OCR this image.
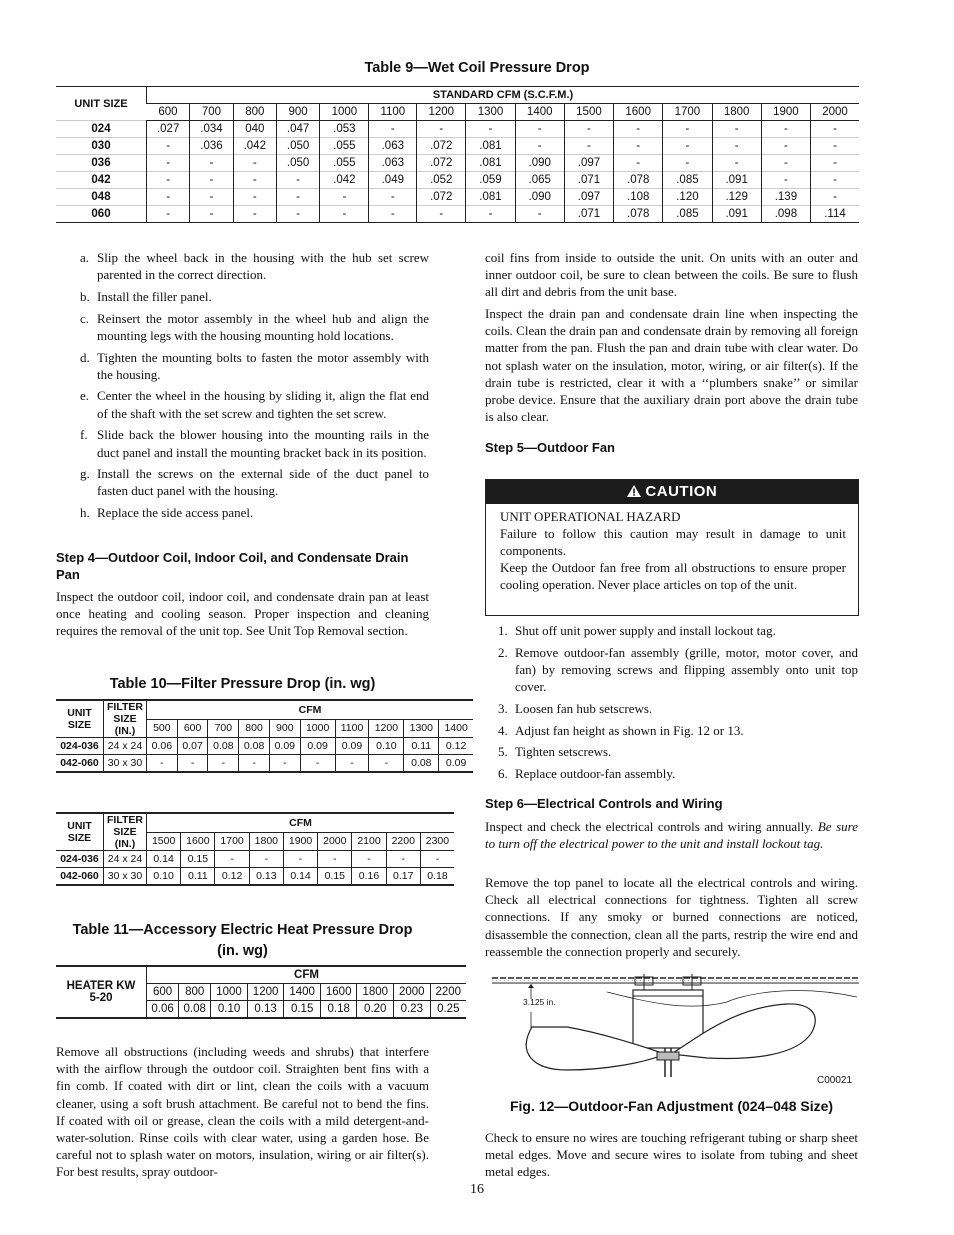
Table 9—Wet Coil Pressure Drop
UNIT SIZE	STANDARD CFM (S.C.F.M.)														
	600	700	800	900	1000	1100	1200	1300	1400	1500	1600	1700	1800	1900	2000
024	.027	.034	040	.047	.053	-	-	-	-	-	-	-	-	-	-
030	-	.036	.042	.050	.055	.063	.072	.081	-	-	-	-	-	-	-
036	-	-	-	.050	.055	.063	.072	.081	.090	.097	-	-	-	-	-
042	-	-	-	-	.042	.049	.052	.059	.065	.071	.078	.085	.091	-	-
048	-	-	-	-	-	-	.072	.081	.090	.097	.108	.120	.129	.139	-
060	-	-	-	-	-	-	-	-	-	.071	.078	.085	.091	.098	.114
a. Slip the wheel back in the housing with the hub set screw parented in the correct direction.
b. Install the filler panel.
c. Reinsert the motor assembly in the wheel hub and align the mounting legs with the housing mounting hold locations.
d. Tighten the mounting bolts to fasten the motor assembly with the housing.
e. Center the wheel in the housing by sliding it, align the flat end of the shaft with the set screw and tighten the set screw.
f. Slide back the blower housing into the mounting rails in the duct panel and install the mounting bracket back in its position.
g. Install the screws on the external side of the duct panel to fasten duct panel with the housing.
h. Replace the side access panel.
Step 4—Outdoor Coil, Indoor Coil, and Condensate Drain Pan
Inspect the outdoor coil, indoor coil, and condensate drain pan at least once heating and cooling season. Proper inspection and cleaning requires the removal of the unit top. See Unit Top Removal section.
Table 10—Filter Pressure Drop (in. wg)
UNIT SIZE	FILTER SIZE (IN.)	CFM									
		500	600	700	800	900	1000	1100	1200	1300	1400
024-036	24 x 24	0.06	0.07	0.08	0.08	0.09	0.09	0.09	0.10	0.11	0.12
042-060	30 x 30	-	-	-	-	-	-	-	-	0.08	0.09
UNIT SIZE	FILTER SIZE (IN.)	CFM								
		1500	1600	1700	1800	1900	2000	2100	2200	2300
024-036	24 x 24	0.14	0.15	-	-	-	-	-	-	-
042-060	30 x 30	0.10	0.11	0.12	0.13	0.14	0.15	0.16	0.17	0.18
Table 11—Accessory Electric Heat Pressure Drop
(in. wg)
HEATER KW 5-20	CFM								
	600	800	1000	1200	1400	1600	1800	2000	2200
	0.06	0.08	0.10	0.13	0.15	0.18	0.20	0.23	0.25
Remove all obstructions (including weeds and shrubs) that interfere with the airflow through the outdoor coil. Straighten bent fins with a fin comb. If coated with dirt or lint, clean the coils with a vacuum cleaner, using a soft brush attachment. Be careful not to bend the fins. If coated with oil or grease, clean the coils with a mild detergent-and-water-solution. Rinse coils with clear water, using a garden hose. Be careful not to splash water on motors, insulation, wiring or air filter(s). For best results, spray outdoor-
coil fins from inside to outside the unit. On units with an outer and inner outdoor coil, be sure to clean between the coils. Be sure to flush all dirt and debris from the unit base.
Inspect the drain pan and condensate drain line when inspecting the coils. Clean the drain pan and condensate drain by removing all foreign matter from the pan. Flush the pan and drain tube with clear water. Do not splash water on the insulation, motor, wiring, or air filter(s). If the drain tube is restricted, clear it with a ‘‘plumbers snake’’ or similar probe device. Ensure that the auxiliary drain port above the drain tube is also clear.
Step 5—Outdoor Fan
CAUTION
UNIT OPERATIONAL HAZARD
Failure to follow this caution may result in damage to unit components.
Keep the Outdoor fan free from all obstructions to ensure proper cooling operation. Never place articles on top of the unit.
1. Shut off unit power supply and install lockout tag.
2. Remove outdoor-fan assembly (grille, motor, motor cover, and fan) by removing screws and flipping assembly onto unit top cover.
3. Loosen fan hub setscrews.
4. Adjust fan height as shown in Fig. 12 or 13.
5. Tighten setscrews.
6. Replace outdoor-fan assembly.
Step 6—Electrical Controls and Wiring
Inspect and check the electrical controls and wiring annually. Be sure to turn off the electrical power to the unit and install lockout tag.
Remove the top panel to locate all the electrical controls and wiring. Check all electrical connections for tightness. Tighten all screw connections. If any smoky or burned connections are noticed, disassemble the connection, clean all the parts, restrip the wire end and reassemble the connection properly and securely.
3.125 in.
C00021
Fig. 12—Outdoor-Fan Adjustment (024–048 Size)
Check to ensure no wires are touching refrigerant tubing or sharp sheet metal edges. Move and secure wires to isolate from tubing and sheet metal edges.
16
